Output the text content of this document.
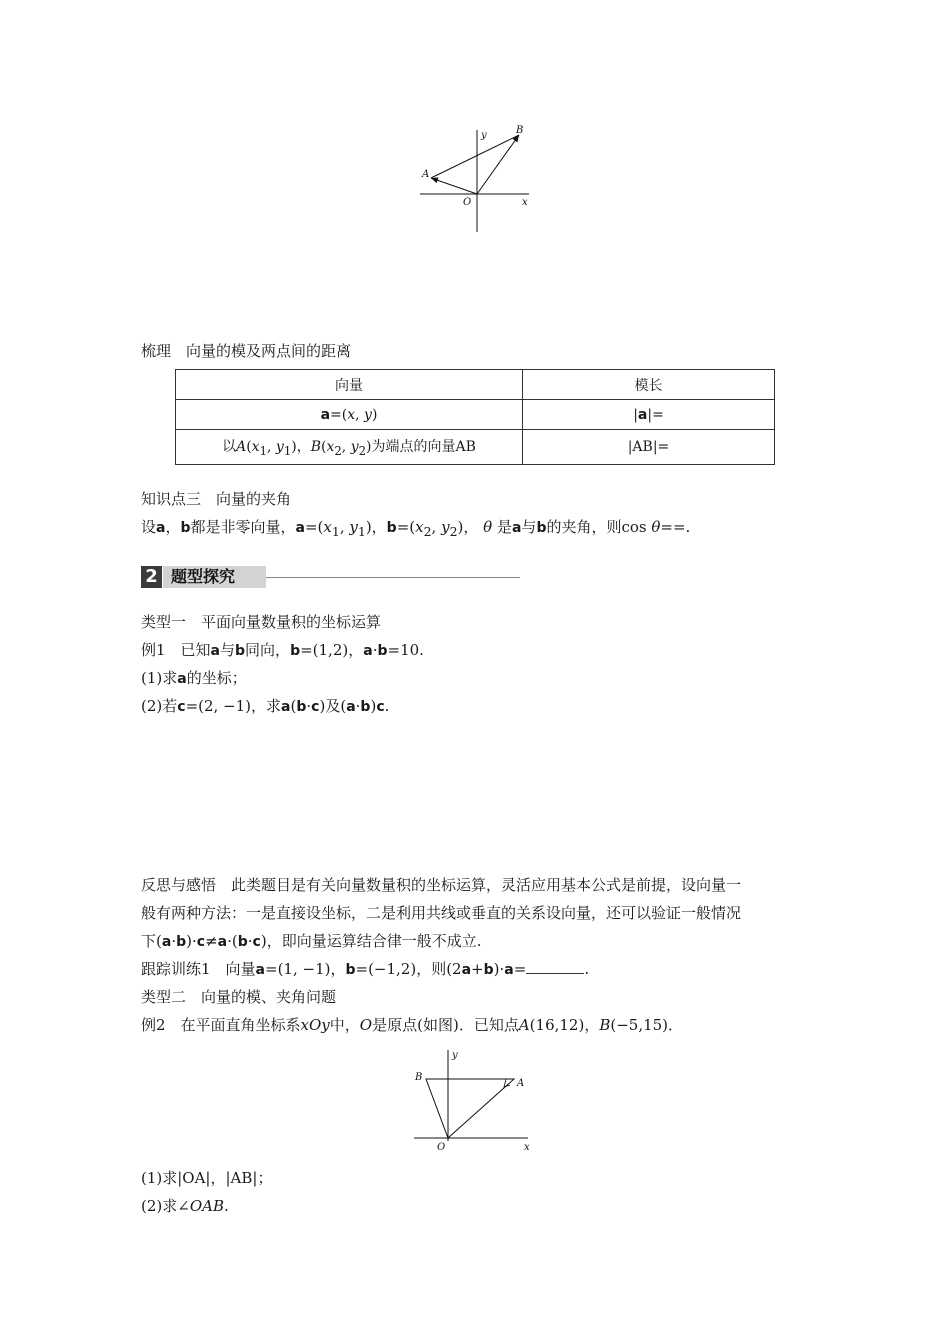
A
B
O	x
y
梳理　向量的模及两点间的距离
向量	模长
a=(x, y)	|a|=
以$A(x_1$, $y_1$)，$B(x_2$, $y_2$)为端点的向量AB	|AB|=
知识点三　向量的夹角
设a，b都是非零向量，$a=(x_1$, $y_1$)，$b=(x_2$, $y_2$)， θ 是a与b的夹角，则cos θ==.
2 题型探究
类型一　平面向量数量积的坐标运算
例1　已知a与b同向，b=(1,2)，a·b=10.
(1)求a的坐标；
(2)若c=(2, −1)，求a(b·c)及(a·b)c.
反思与感悟　此类题目是有关向量数量积的坐标运算，灵活应用基本公式是前提，设向量一
般有两种方法：一是直接设坐标，二是利用共线或垂直的关系设向量，还可以验证一般情况
下(a·b)·c≠a·(b·c)，即向量运算结合律一般不成立.
跟踪训练1　向量a=(1, −1)，b=(−1,2)，则(2a+b)·a=	.
类型二　向量的模、夹角问题
例2　在平面直角坐标系xOy中，O是原点(如图)．已知点A(16,12)，B(−5,15)．
A
B
O	x
y
(1)求|OA|，|AB|；
(2)求∠OAB.
